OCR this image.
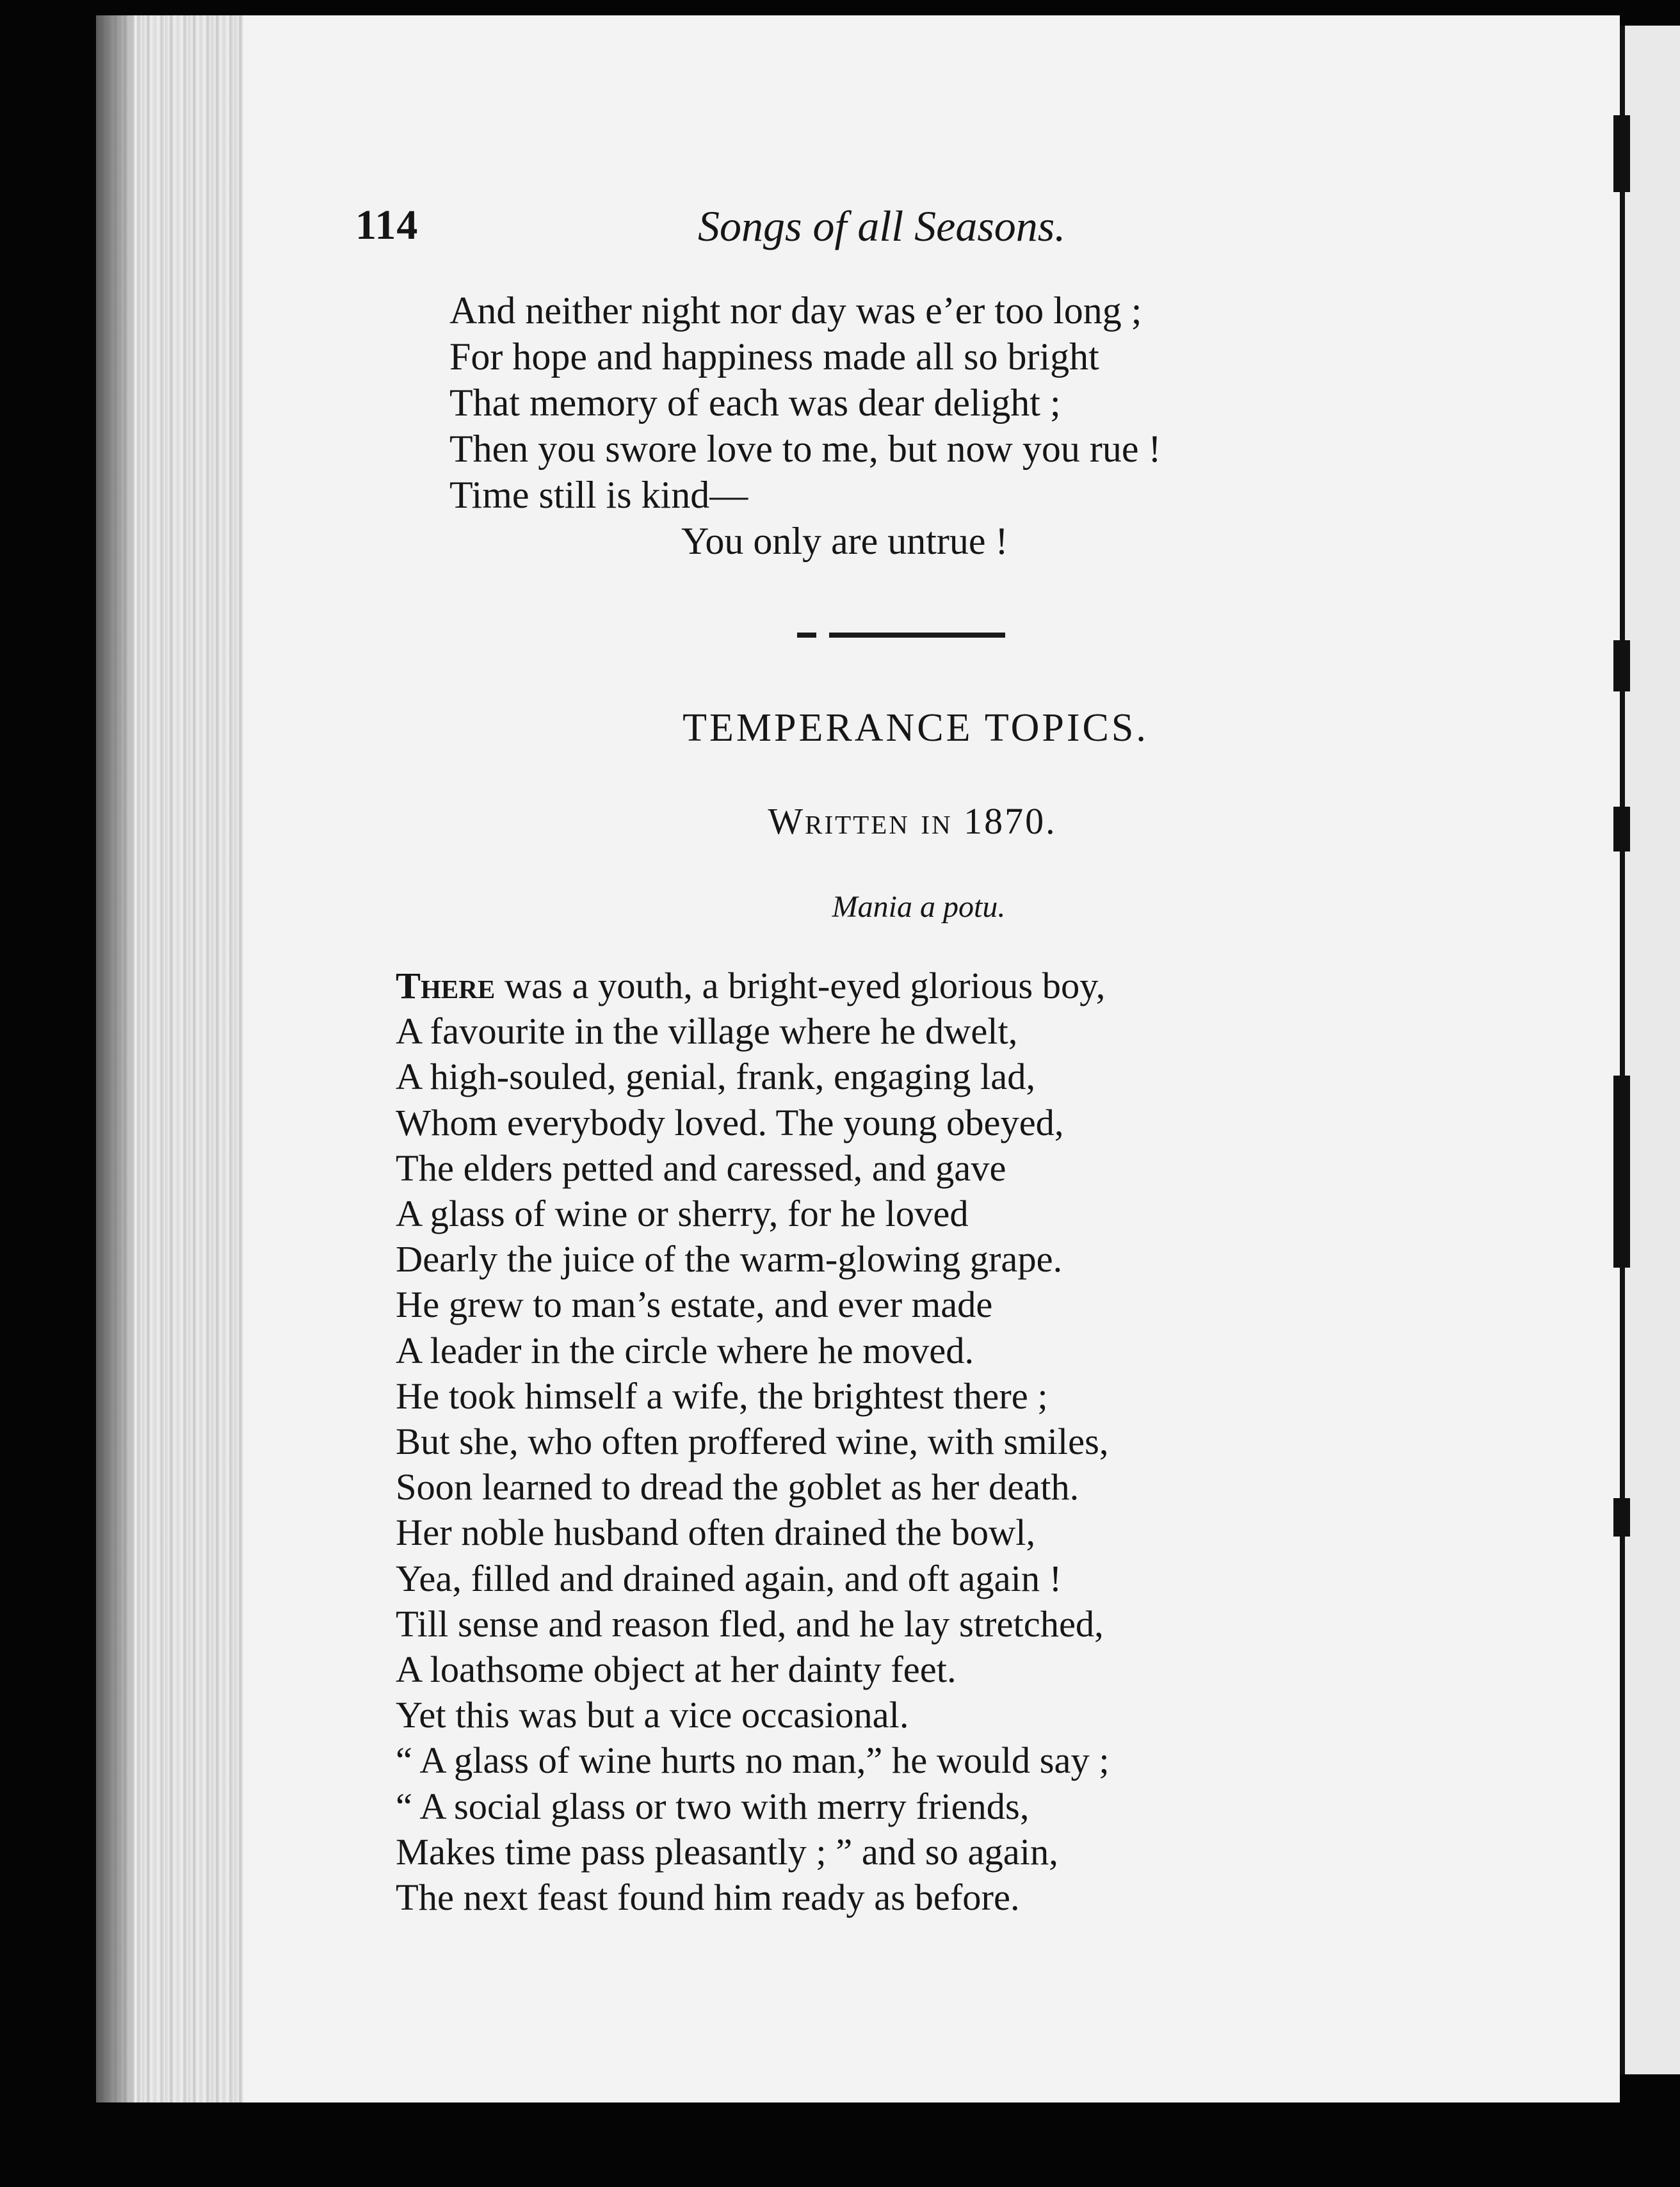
114	Songs of all Seasons.
And neither night nor day was e’er too long ;
For hope and happiness made all so bright
That memory of each was dear delight ;
Then you swore love to me, but now you rue !
Time still is kind—
You only are untrue !
TEMPERANCE TOPICS.
Written in 1870.
Mania a potu.
There was a youth, a bright-eyed glorious boy,
A favourite in the village where he dwelt,
A high-souled, genial, frank, engaging lad,
Whom everybody loved. The young obeyed,
The elders petted and caressed, and gave
A glass of wine or sherry, for he loved
Dearly the juice of the warm-glowing grape.
He grew to man’s estate, and ever made
A leader in the circle where he moved.
He took himself a wife, the brightest there ;
But she, who often proffered wine, with smiles,
Soon learned to dread the goblet as her death.
Her noble husband often drained the bowl,
Yea, filled and drained again, and oft again !
Till sense and reason fled, and he lay stretched,
A loathsome object at her dainty feet.
Yet this was but a vice occasional.
“ A glass of wine hurts no man,” he would say ;
“ A social glass or two with merry friends,
Makes time pass pleasantly ; ” and so again,
The next feast found him ready as before.
